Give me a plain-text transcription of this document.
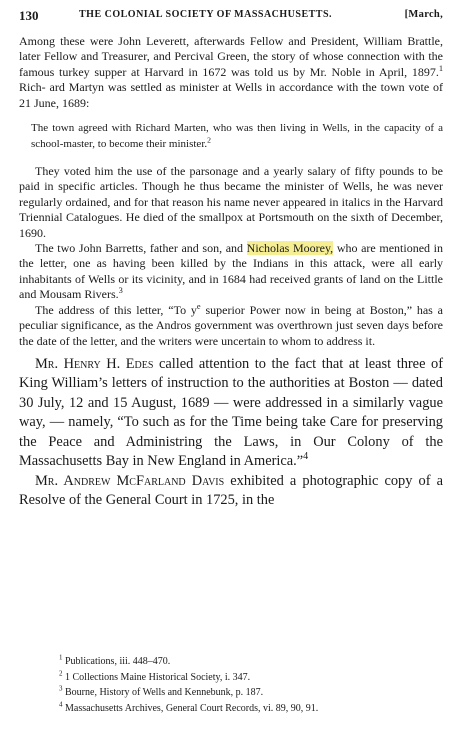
130	THE COLONIAL SOCIETY OF MASSACHUSETTS.	[March,

Among these were John Leverett, afterwards Fellow and President, William Brattle, later Fellow and Treasurer, and Percival Green, the story of whose connection with the famous turkey supper at Harvard in 1672 was told us by Mr. Noble in April, 1897.$^1$ Rich- ard Martyn was settled as minister at Wells in accordance with the town vote of 21 June, 1689:

The town agreed with Richard Marten, who was then living in Wells, in the capacity of a school-master, to become their minister.$^2$

They voted him the use of the parsonage and a yearly salary of fifty pounds to be paid in specific articles. Though he thus became the minister of Wells, he was never regularly ordained, and for that reason his name never appeared in italics in the Harvard Triennial Catalogues. He died of the smallpox at Portsmouth on the sixth of December, 1690.

The two John Barretts, father and son, and Nicholas Moorey, who are mentioned in the letter, one as having been killed by the Indians in this attack, were all early inhabitants of Wells or its vicinity, and in 1684 had received grants of land on the Little and Mousam Rivers.$^3$

The address of this letter, “To $y^e$ superior Power now in being at Boston,” has a peculiar significance, as the Andros government was overthrown just seven days before the date of the letter, and the writers were uncertain to whom to address it.

Mr. Henry H. Edes called attention to the fact that at least three of King William’s letters of instruction to the authorities at Boston — dated 30 July, 12 and 15 August, 1689 — were addressed in a similarly vague way, — namely, “To such as for the Time being take Care for preserving the Peace and Administring the Laws, in Our Colony of the Massachusetts Bay in New England in America.”$^4$

Mr. Andrew McFarland Davis exhibited a photographic copy of a Resolve of the General Court in 1725, in the

$^1$ Publications, iii. 448–470.
$^2$ 1 Collections Maine Historical Society, i. 347.
$^3$ Bourne, History of Wells and Kennebunk, p. 187.
$^4$ Massachusetts Archives, General Court Records, vi. 89, 90, 91.
